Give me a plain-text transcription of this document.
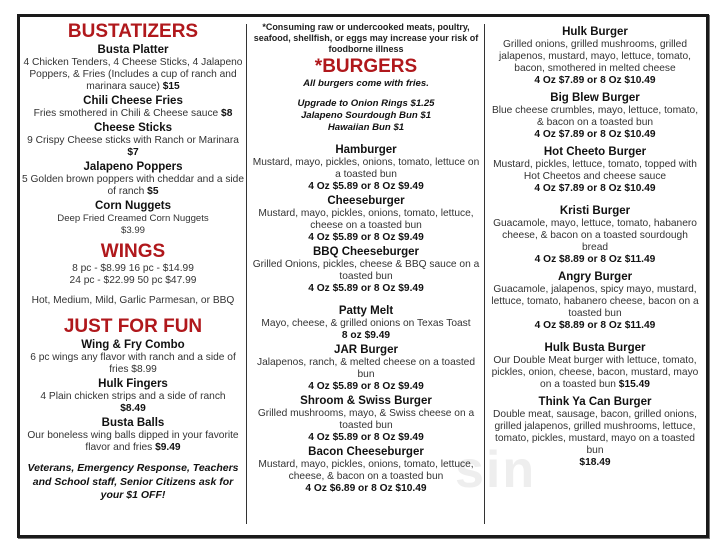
sin
BUSTATIZERS
Busta Platter
4 Chicken Tenders, 4 Cheese Sticks, 4 Jalapeno Poppers, & Fries (Includes a cup of ranch and marinara sauce) $15
Chili Cheese Fries
Fries smothered in Chili & Cheese sauce $8
Cheese Sticks
9 Crispy Cheese sticks with Ranch or Marinara $7
Jalapeno Poppers
5 Golden brown poppers with cheddar and a side of ranch $5
Corn Nuggets
Deep Fried Creamed Corn Nuggets
$3.99
WINGS
8 pc - $8.99 16 pc - $14.99
24 pc - $22.99 50 pc $47.99
Hot, Medium, Mild, Garlic Parmesan, or BBQ
JUST FOR FUN
Wing & Fry Combo
6 pc wings any flavor with ranch and a side of fries $8.99
Hulk Fingers
4 Plain chicken strips and a side of ranch
$8.49
Busta Balls
Our boneless wing balls dipped in your favorite flavor and fries $9.49
Veterans, Emergency Response, Teachers and School staff, Senior Citizens ask for your $1 OFF!
*Consuming raw or undercooked meats, poultry, seafood, shellfish, or eggs may increase your risk of foodborne illness
*BURGERS
All burgers come with fries.
Upgrade to Onion Rings $1.25
Jalapeno Sourdough Bun $1
Hawaiian Bun $1
Hamburger
Mustard, mayo, pickles, onions, tomato, lettuce on a toasted bun
4 Oz $5.89 or 8 Oz $9.49
Cheeseburger
Mustard, mayo, pickles, onions, tomato, lettuce, cheese on a toasted bun
4 Oz $5.89 or 8 Oz $9.49
BBQ Cheeseburger
Grilled Onions, pickles, cheese & BBQ sauce on a toasted bun
4 Oz $5.89 or 8 Oz $9.49
Patty Melt
Mayo, cheese, & grilled onions on Texas Toast
8 oz $9.49
JAR Burger
Jalapenos, ranch, & melted cheese on a toasted bun
4 Oz $5.89 or 8 Oz $9.49
Shroom & Swiss Burger
Grilled mushrooms, mayo, & Swiss cheese on a toasted bun
4 Oz $5.89 or 8 Oz $9.49
Bacon Cheeseburger
Mustard, mayo, pickles, onions, tomato, lettuce, cheese, & bacon on a toasted bun
4 Oz $6.89 or 8 Oz $10.49
Hulk Burger
Grilled onions, grilled mushrooms, grilled jalapenos, mustard, mayo, lettuce, tomato, bacon, smothered in melted cheese
4 Oz $7.89 or 8 Oz $10.49
Big Blew Burger
Blue cheese crumbles, mayo, lettuce, tomato, & bacon on a toasted bun
4 Oz $7.89 or 8 Oz $10.49
Hot Cheeto Burger
Mustard, pickles, lettuce, tomato, topped with Hot Cheetos and cheese sauce
4 Oz $7.89 or 8 Oz $10.49
Kristi Burger
Guacamole, mayo, lettuce, tomato, habanero cheese, & bacon on a toasted sourdough bread
4 Oz $8.89 or 8 Oz $11.49
Angry Burger
Guacamole, jalapenos, spicy mayo, mustard, lettuce, tomato, habanero cheese, bacon on a toasted bun
4 Oz $8.89 or 8 Oz $11.49
Hulk Busta Burger
Our Double Meat burger with lettuce, tomato, pickles, onion, cheese, bacon, mustard, mayo on a toasted bun $15.49
Think Ya Can Burger
Double meat, sausage, bacon, grilled onions, grilled jalapenos, grilled mushrooms, lettuce, tomato, pickles, mustard, mayo on a toasted bun
$18.49
